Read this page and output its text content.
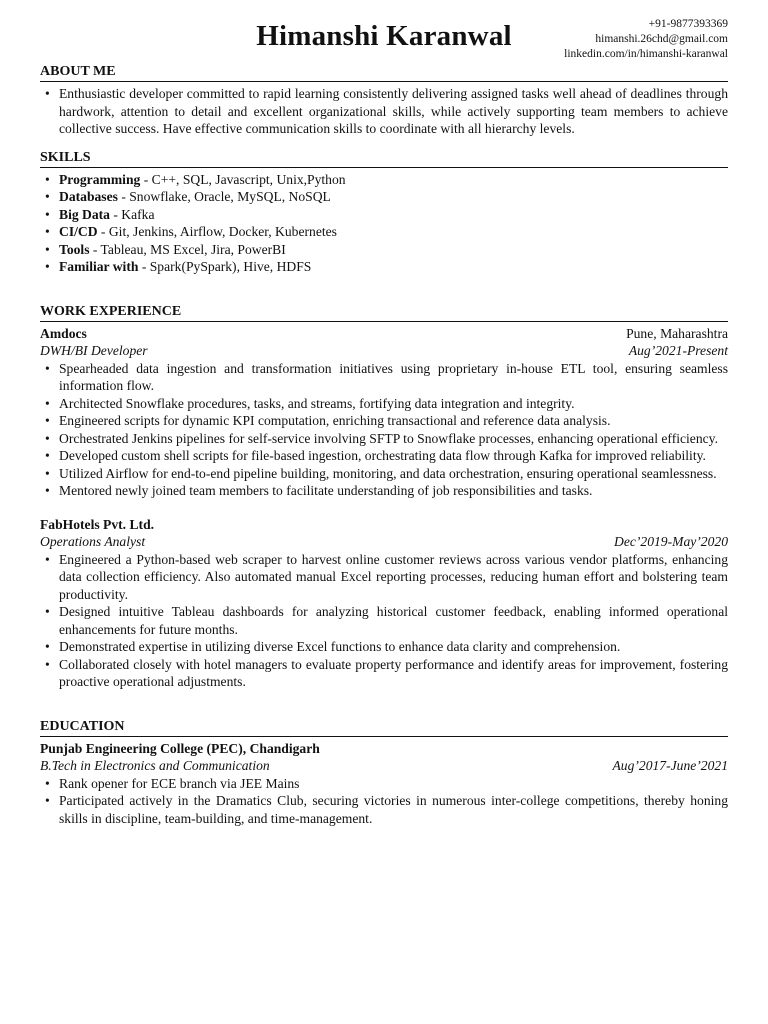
Himanshi Karanwal	+91-9877393369
himanshi.26chd@gmail.com
linkedin.com/in/himanshi-karanwal
ABOUT ME
• Enthusiastic developer committed to rapid learning consistently delivering assigned tasks well ahead of deadlines through hardwork, attention to detail and excellent organizational skills, while actively supporting team members to achieve collective success. Have effective communication skills to coordinate with all hierarchy levels.
SKILLS
• Programming - C++, SQL, Javascript, Unix,Python
• Databases - Snowflake, Oracle, MySQL, NoSQL
• Big Data - Kafka
• CI/CD - Git, Jenkins, Airflow, Docker, Kubernetes
• Tools - Tableau, MS Excel, Jira, PowerBI
• Familiar with - Spark(PySpark), Hive, HDFS
WORK EXPERIENCE
Amdocs	Pune, Maharashtra
DWH/BI Developer	Aug’2021-Present
• Spearheaded data ingestion and transformation initiatives using proprietary in-house ETL tool, ensuring seamless information flow.
• Architected Snowflake procedures, tasks, and streams, fortifying data integration and integrity.
• Engineered scripts for dynamic KPI computation, enriching transactional and reference data analysis.
• Orchestrated Jenkins pipelines for self-service involving SFTP to Snowflake processes, enhancing operational efficiency.
• Developed custom shell scripts for file-based ingestion, orchestrating data flow through Kafka for improved reliability.
• Utilized Airflow for end-to-end pipeline building, monitoring, and data orchestration, ensuring operational seamlessness.
• Mentored newly joined team members to facilitate understanding of job responsibilities and tasks.
FabHotels Pvt. Ltd.
Operations Analyst	Dec’2019-May’2020
• Engineered a Python-based web scraper to harvest online customer reviews across various vendor platforms, enhancing data collection efficiency. Also automated manual Excel reporting processes, reducing human effort and bolstering team productivity.
• Designed intuitive Tableau dashboards for analyzing historical customer feedback, enabling informed operational enhancements for future months.
• Demonstrated expertise in utilizing diverse Excel functions to enhance data clarity and comprehension.
• Collaborated closely with hotel managers to evaluate property performance and identify areas for improvement, fostering proactive operational adjustments.
EDUCATION
Punjab Engineering College (PEC), Chandigarh
B.Tech in Electronics and Communication	Aug’2017-June’2021
• Rank opener for ECE branch via JEE Mains
• Participated actively in the Dramatics Club, securing victories in numerous inter-college competitions, thereby honing skills in discipline, team-building, and time-management.
